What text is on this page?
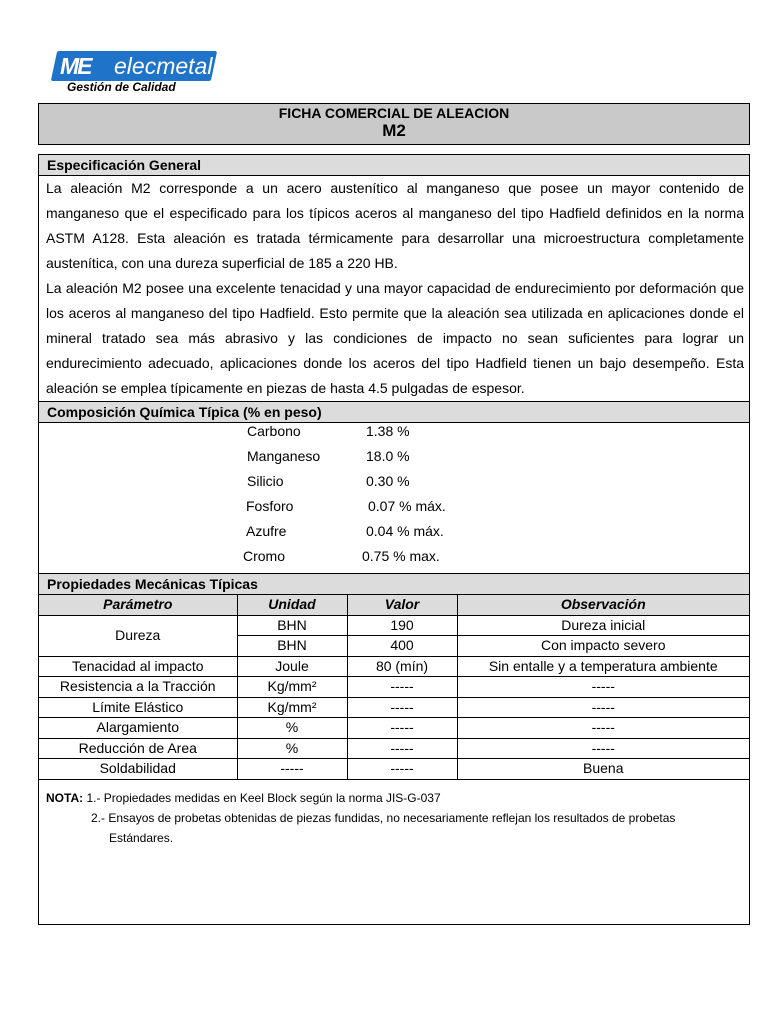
ME elecmetal
Gestión de Calidad
FICHA COMERCIAL DE ALEACION
M2
Especificación General

La aleación M2 corresponde a un acero austenítico al manganeso que posee un mayor contenido de manganeso que el especificado para los típicos aceros al manganeso del tipo Hadfield definidos en la norma ASTM A128. Esta aleación es tratada térmicamente para desarrollar una microestructura completamente austenítica, con una dureza superficial de 185 a 220 HB.

La aleación M2 posee una excelente tenacidad y una mayor capacidad de endurecimiento por deformación que los aceros al manganeso del tipo Hadfield. Esto permite que la aleación sea utilizada en aplicaciones donde el mineral tratado sea más abrasivo y las condiciones de impacto no sean suficientes para lograr un endurecimiento adecuado, aplicaciones donde los aceros del tipo Hadfield tienen un bajo desempeño. Esta aleación se emplea típicamente en piezas de hasta 4.5 pulgadas de espesor.

Composición Química Típica (% en peso)
Carbono	1.38 %
Manganeso	18.0 %
Silicio	0.30 %
Fosforo	0.07 % máx.
Azufre	0.04 % máx.
Cromo	0.75 % max.
Propiedades Mecánicas Típicas
Parámetro	Unidad	Valor	Observación
Dureza	BHN	190	Dureza inicial
	BHN	400	Con impacto severo
Tenacidad al impacto	Joule	80 (mín)	Sin entalle y a temperatura ambiente
Resistencia a la Tracción	Kg/mm²	-----	-----
Límite Elástico	Kg/mm²	-----	-----
Alargamiento	%	-----	-----
Reducción de Area	%	-----	-----
Soldabilidad	-----	-----	Buena
NOTA: 1.- Propiedades medidas en Keel Block según la norma JIS-G-037
2.- Ensayos de probetas obtenidas de piezas fundidas, no necesariamente reflejan los resultados de probetas
Estándares.
